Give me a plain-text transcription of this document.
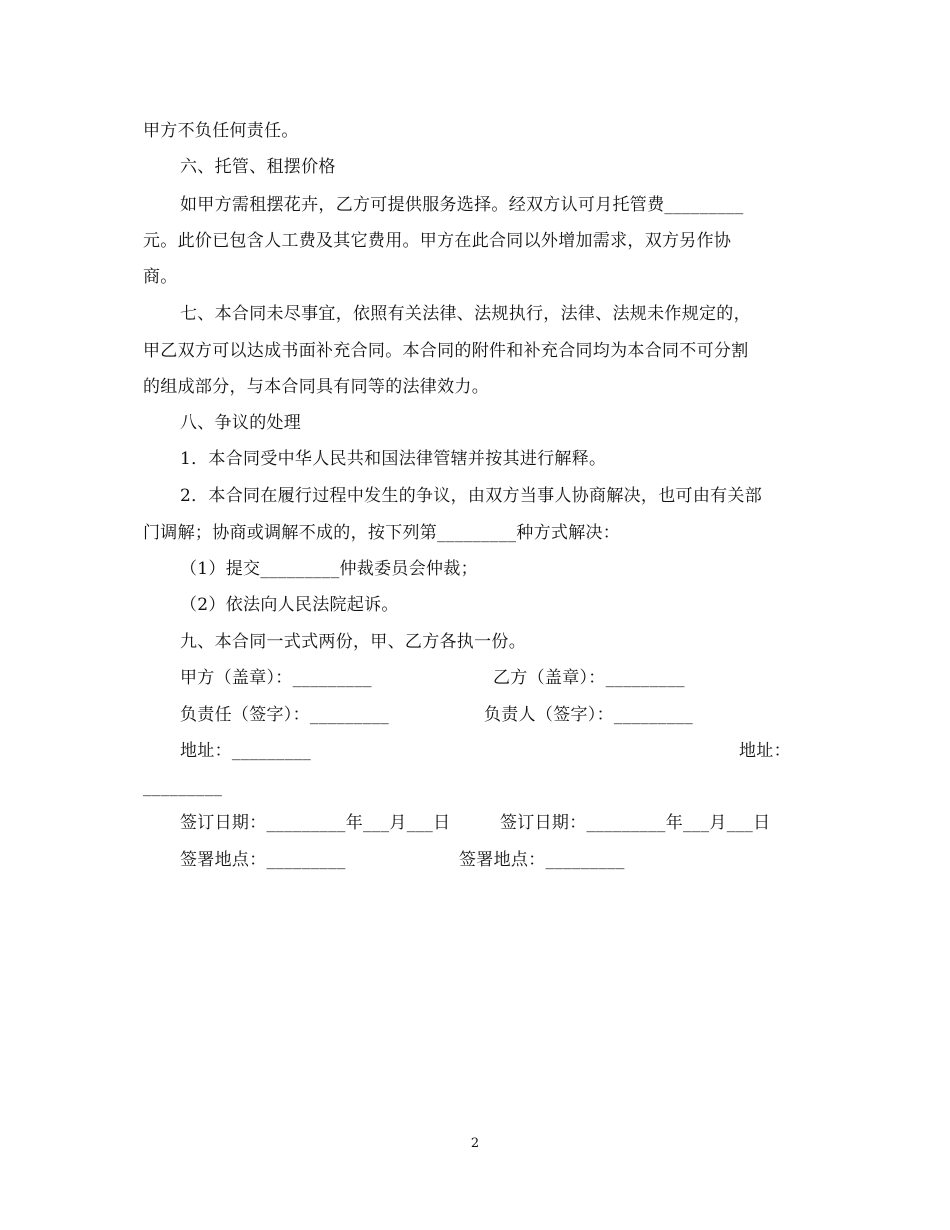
甲方不负任何责任。
六、托管、租摆价格
如甲方需租摆花卉，乙方可提供服务选择。经双方认可月托管费_________
元。此价已包含人工费及其它费用。甲方在此合同以外增加需求，双方另作协
商。
七、本合同未尽事宜，依照有关法律、法规执行，法律、法规未作规定的，
甲乙双方可以达成书面补充合同。本合同的附件和补充合同均为本合同不可分割
的组成部分，与本合同具有同等的法律效力。
八、争议的处理
1．本合同受中华人民共和国法律管辖并按其进行解释。
2．本合同在履行过程中发生的争议，由双方当事人协商解决，也可由有关部
门调解；协商或调解不成的，按下列第_________种方式解决：
（1）提交_________仲裁委员会仲裁；
（2）依法向人民法院起诉。
九、本合同一式式两份，甲、乙方各执一份。
甲方（盖章）：_________	乙方（盖章）：_________
负责任（签字）：_________	负责人（签字）：_________
地址：_________	地址：
_________
签订日期：_________年___月___日	签订日期：_________年___月___日
签署地点：_________	签署地点：_________
2
